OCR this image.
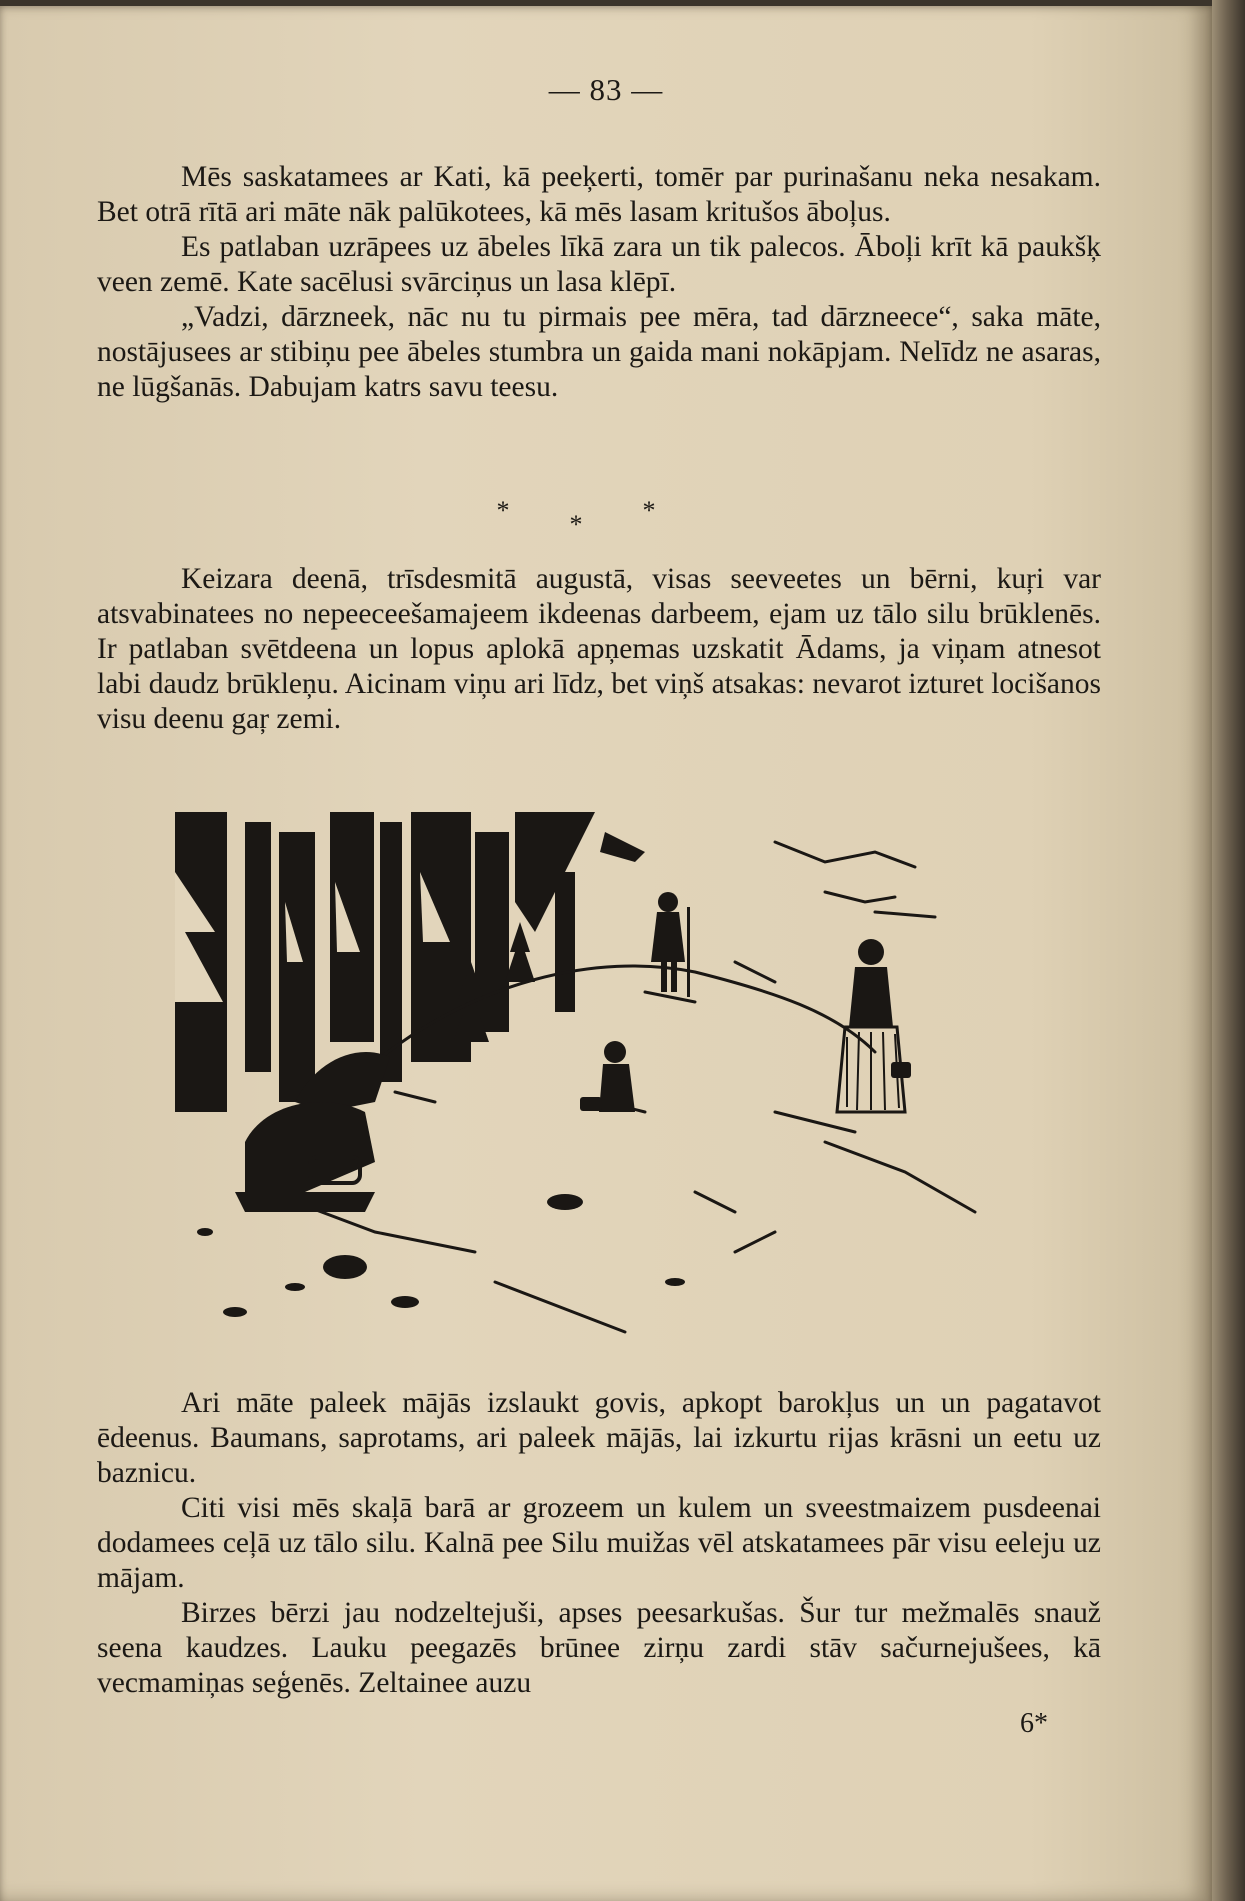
— 83 —

Mēs saskatamees ar Kati, kā peeķerti, tomēr par purinašanu neka nesakam. Bet otrā rītā ari māte nāk palūkotees, kā mēs lasam kritušos āboļus.

Es patlaban uzrāpees uz ābeles līkā zara un tik palecos. Āboļi krīt kā paukšķ veen zemē. Kate sacēlusi svārciņus un lasa klēpī.

„Vadzi, dārzneek, nāc nu tu pirmais pee mēra, tad dārzneece“, saka māte, nostājusees ar stibiņu pee ābeles stumbra un gaida mani nokāpjam. Nelīdz ne asaras, ne lūgšanās. Dabujam katrs savu teesu.

***

Keizara deenā, trīsdesmitā augustā, visas seeveetes un bērni, kuŗi var atsvabinatees no nepeeceešamajeem ikdeenas darbeem, ejam uz tālo silu brūklenēs. Ir patlaban svētdeena un lopus aplokā apņemas uzskatit Ādams, ja viņam atnesot labi daudz brūkleņu. Aicinam viņu ari līdz, bet viņš atsakas: nevarot izturet locišanos visu deenu gaŗ zemi.

Ari māte paleek mājās izslaukt govis, apkopt barokļus un un pagatavot ēdeenus. Baumans, saprotams, ari paleek mājās, lai izkurtu rijas krāsni un eetu uz baznicu.

Citi visi mēs skaļā barā ar grozeem un kulem un sveestmaizem pusdeenai dodamees ceļā uz tālo silu. Kalnā pee Silu muižas vēl atskatamees pār visu eeleju uz mājam.

Birzes bērzi jau nodzeltejuši, apses peesarkušas. Šur tur mežmalēs snauž seena kaudzes. Lauku peegazēs brūnee zirņu zardi stāv sačurnejušees, kā vecmamiņas seģenēs. Zeltainee auzu

6*
